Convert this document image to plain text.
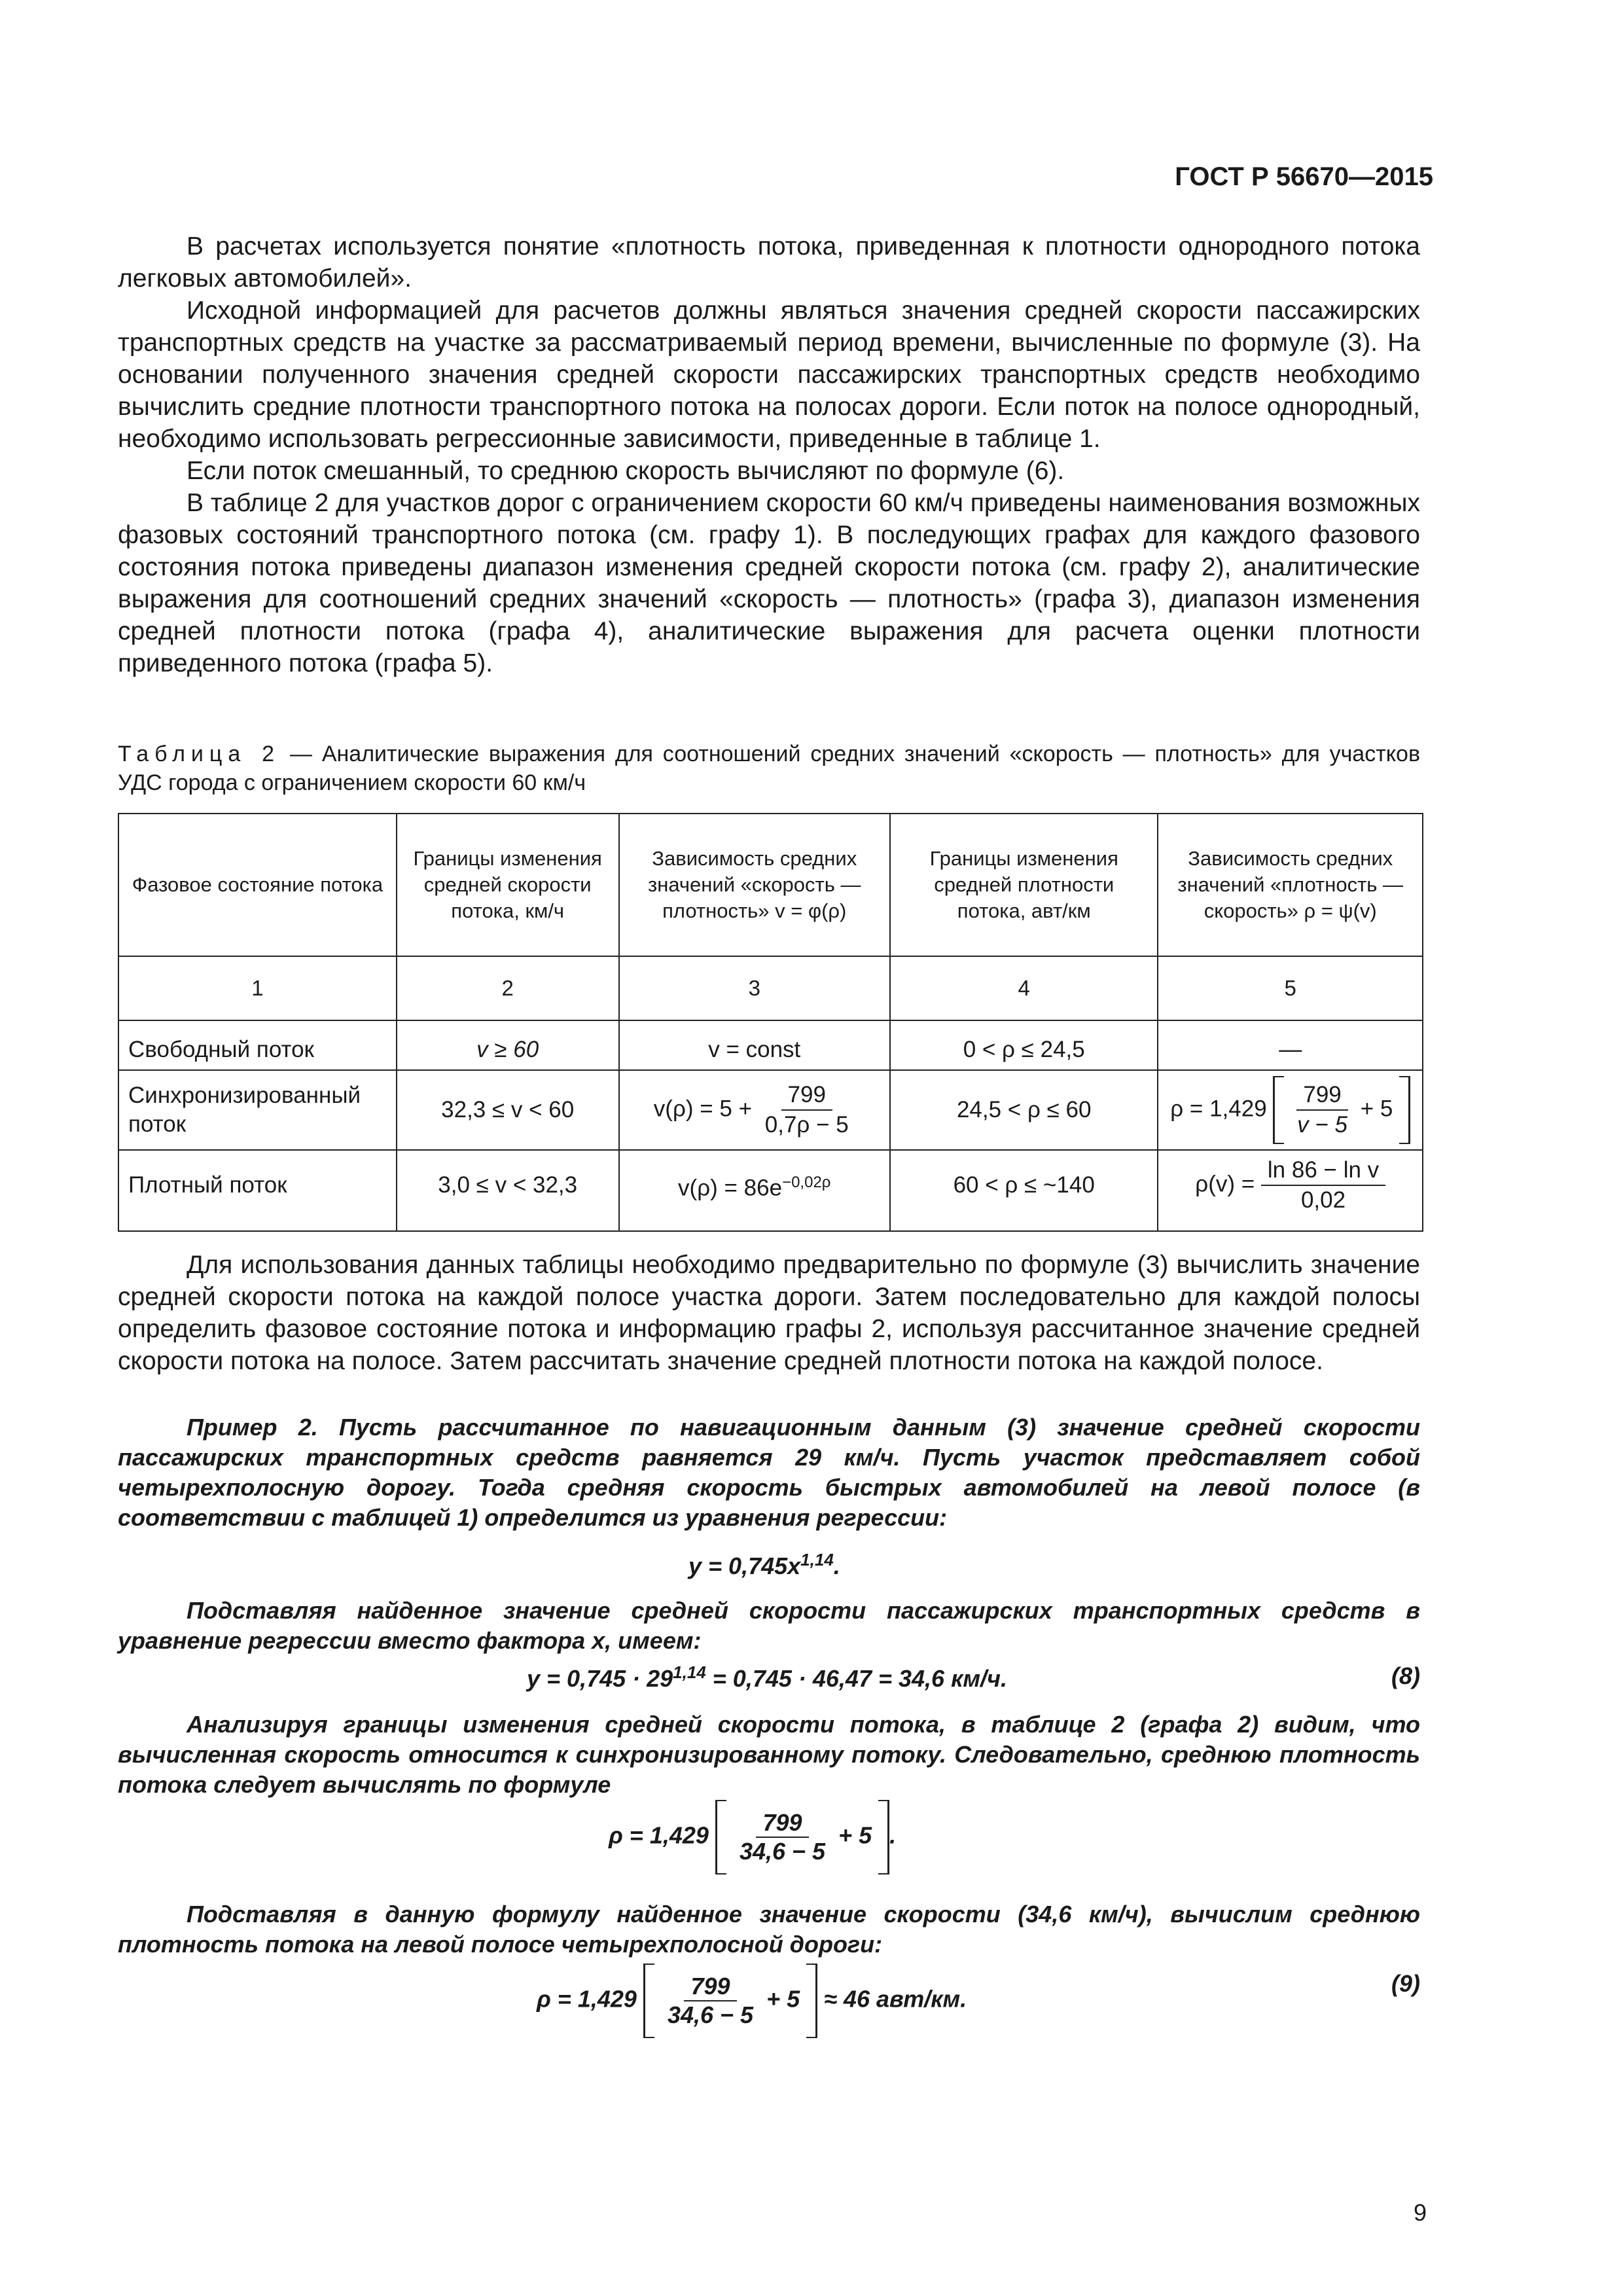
ГОСТ Р 56670—2015

В расчетах используется понятие «плотность потока, приведенная к плотности однородного потока легковых автомобилей».

Исходной информацией для расчетов должны являться значения средней скорости пассажирских транспортных средств на участке за рассматриваемый период времени, вычисленные по формуле (3). На основании полученного значения средней скорости пассажирских транспортных средств необходимо вычислить средние плотности транспортного потока на полосах дороги. Если поток на полосе однородный, необходимо использовать регрессионные зависимости, приведенные в таблице 1.

Если поток смешанный, то среднюю скорость вычисляют по формуле (6).

В таблице 2 для участков дорог с ограничением скорости 60 км/ч приведены наименования возможных фазовых состояний транспортного потока (см. графу 1). В последующих графах для каждого фазового состояния потока приведены диапазон изменения средней скорости потока (см. графу 2), аналитические выражения для соотношений средних значений «скорость — плотность» (графа 3), диапазон изменения средней плотности потока (графа 4), аналитические выражения для расчета оценки плотности приведенного потока (графа 5).

Таблица 2 — Аналитические выражения для соотношений средних значений «скорость — плотность» для участков УДС города с ограничением скорости 60 км/ч
Фазовое состояние потока	Границы изменения средней скорости потока, км/ч	Зависимость средних значений «скорость — плотность» v = φ(ρ)	Границы изменения средней плотности потока, авт/км	Зависимость средних значений «плотность — скорость» ρ = ψ(v)
1	2	3	4	5
Свободный поток	v ≥ 60	v = const	0 < ρ ≤ 24,5	—
Синхронизированный поток	32,3 ≤ v < 60	$v(\rho) = 5 + \frac{799}{0,7\rho - 5}$	24,5 < ρ ≤ 60	$\rho = 1,429 \frac{799}{v - 5} + 5$
Плотный поток	3,0 ≤ v < 32,3	$v(\rho) = 86e^{-0,02\rho}$	60 < ρ ≤ ~140	$\rho(v) = \frac{\text{ln 86 − ln v}}{0,02}$

Для использования данных таблицы необходимо предварительно по формуле (3) вычислить значение средней скорости потока на каждой полосе участка дороги. Затем последовательно для каждой полосы определить фазовое состояние потока и информацию графы 2, используя рассчитанное значение средней скорости потока на полосе. Затем рассчитать значение средней плотности потока на каждой полосе.

Пример 2. Пусть рассчитанное по навигационным данным (3) значение средней скорости пассажирских транспортных средств равняется 29 км/ч. Пусть участок представляет собой четырехполосную дорогу. Тогда средняя скорость быстрых автомобилей на левой полосе (в соответствии с таблицей 1) определится из уравнения регрессии:

$y = 0,745x^{1,14}$.

Подставляя найденное значение средней скорости пассажирских транспортных средств в уравнение регрессии вместо фактора x, имеем:

$y = 0,745 \cdot 29^{1,14} = 0,745 \cdot 46,47 = 34,6$ км/ч.	(8)

Анализируя границы изменения средней скорости потока, в таблице 2 (графа 2) видим, что вычисленная скорость относится к синхронизированному потоку. Следовательно, среднюю плотность потока следует вычислять по формуле

$\rho = 1,429 \frac{799}{34,6 - 5} + 5$ .

Подставляя в данную формулу найденное значение скорости (34,6 км/ч), вычислим среднюю плотность потока на левой полосе четырехполосной дороги:

$\rho = 1,429 \frac{799}{34,6 - 5} + 5 \approx 46$ авт/км.
(9)
9
